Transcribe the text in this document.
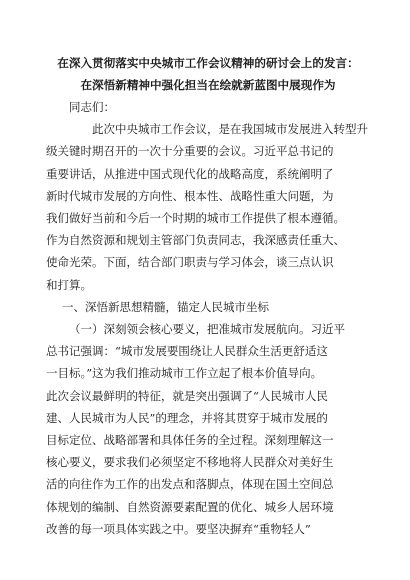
在深入贯彻落实中央城市工作会议精神的研讨会上的发言：
在深悟新精神中强化担当在绘就新蓝图中展现作为
同志们：
此次中央城市工作会议，是在我国城市发展进入转型升
级关键时期召开的一次十分重要的会议。习近平总书记的
重要讲话，从推进中国式现代化的战略高度，系统阐明了
新时代城市发展的方向性、根本性、战略性重大问题，为
我们做好当前和今后一个时期的城市工作提供了根本遵循。
作为自然资源和规划主管部门负责同志，我深感责任重大、
使命光荣。下面，结合部门职责与学习体会，谈三点认识
和打算。
一、深悟新思想精髓，锚定人民城市坐标
（一）深刻领会核心要义，把准城市发展航向。习近平
总书记强调：“城市发展要围绕让人民群众生活更舒适这
一目标。”这为我们推动城市工作立起了根本价值导向。
此次会议最鲜明的特征，就是突出强调了“人民城市人民
建、人民城市为人民”的理念，并将其贯穿于城市发展的
目标定位、战略部署和具体任务的全过程。深刻理解这一
核心要义，要求我们必须坚定不移地将人民群众对美好生
活的向往作为工作的出发点和落脚点，体现在国土空间总
体规划的编制、自然资源要素配置的优化、城乡人居环境
改善的每一项具体实践之中。要坚决摒弃“重物轻人”
